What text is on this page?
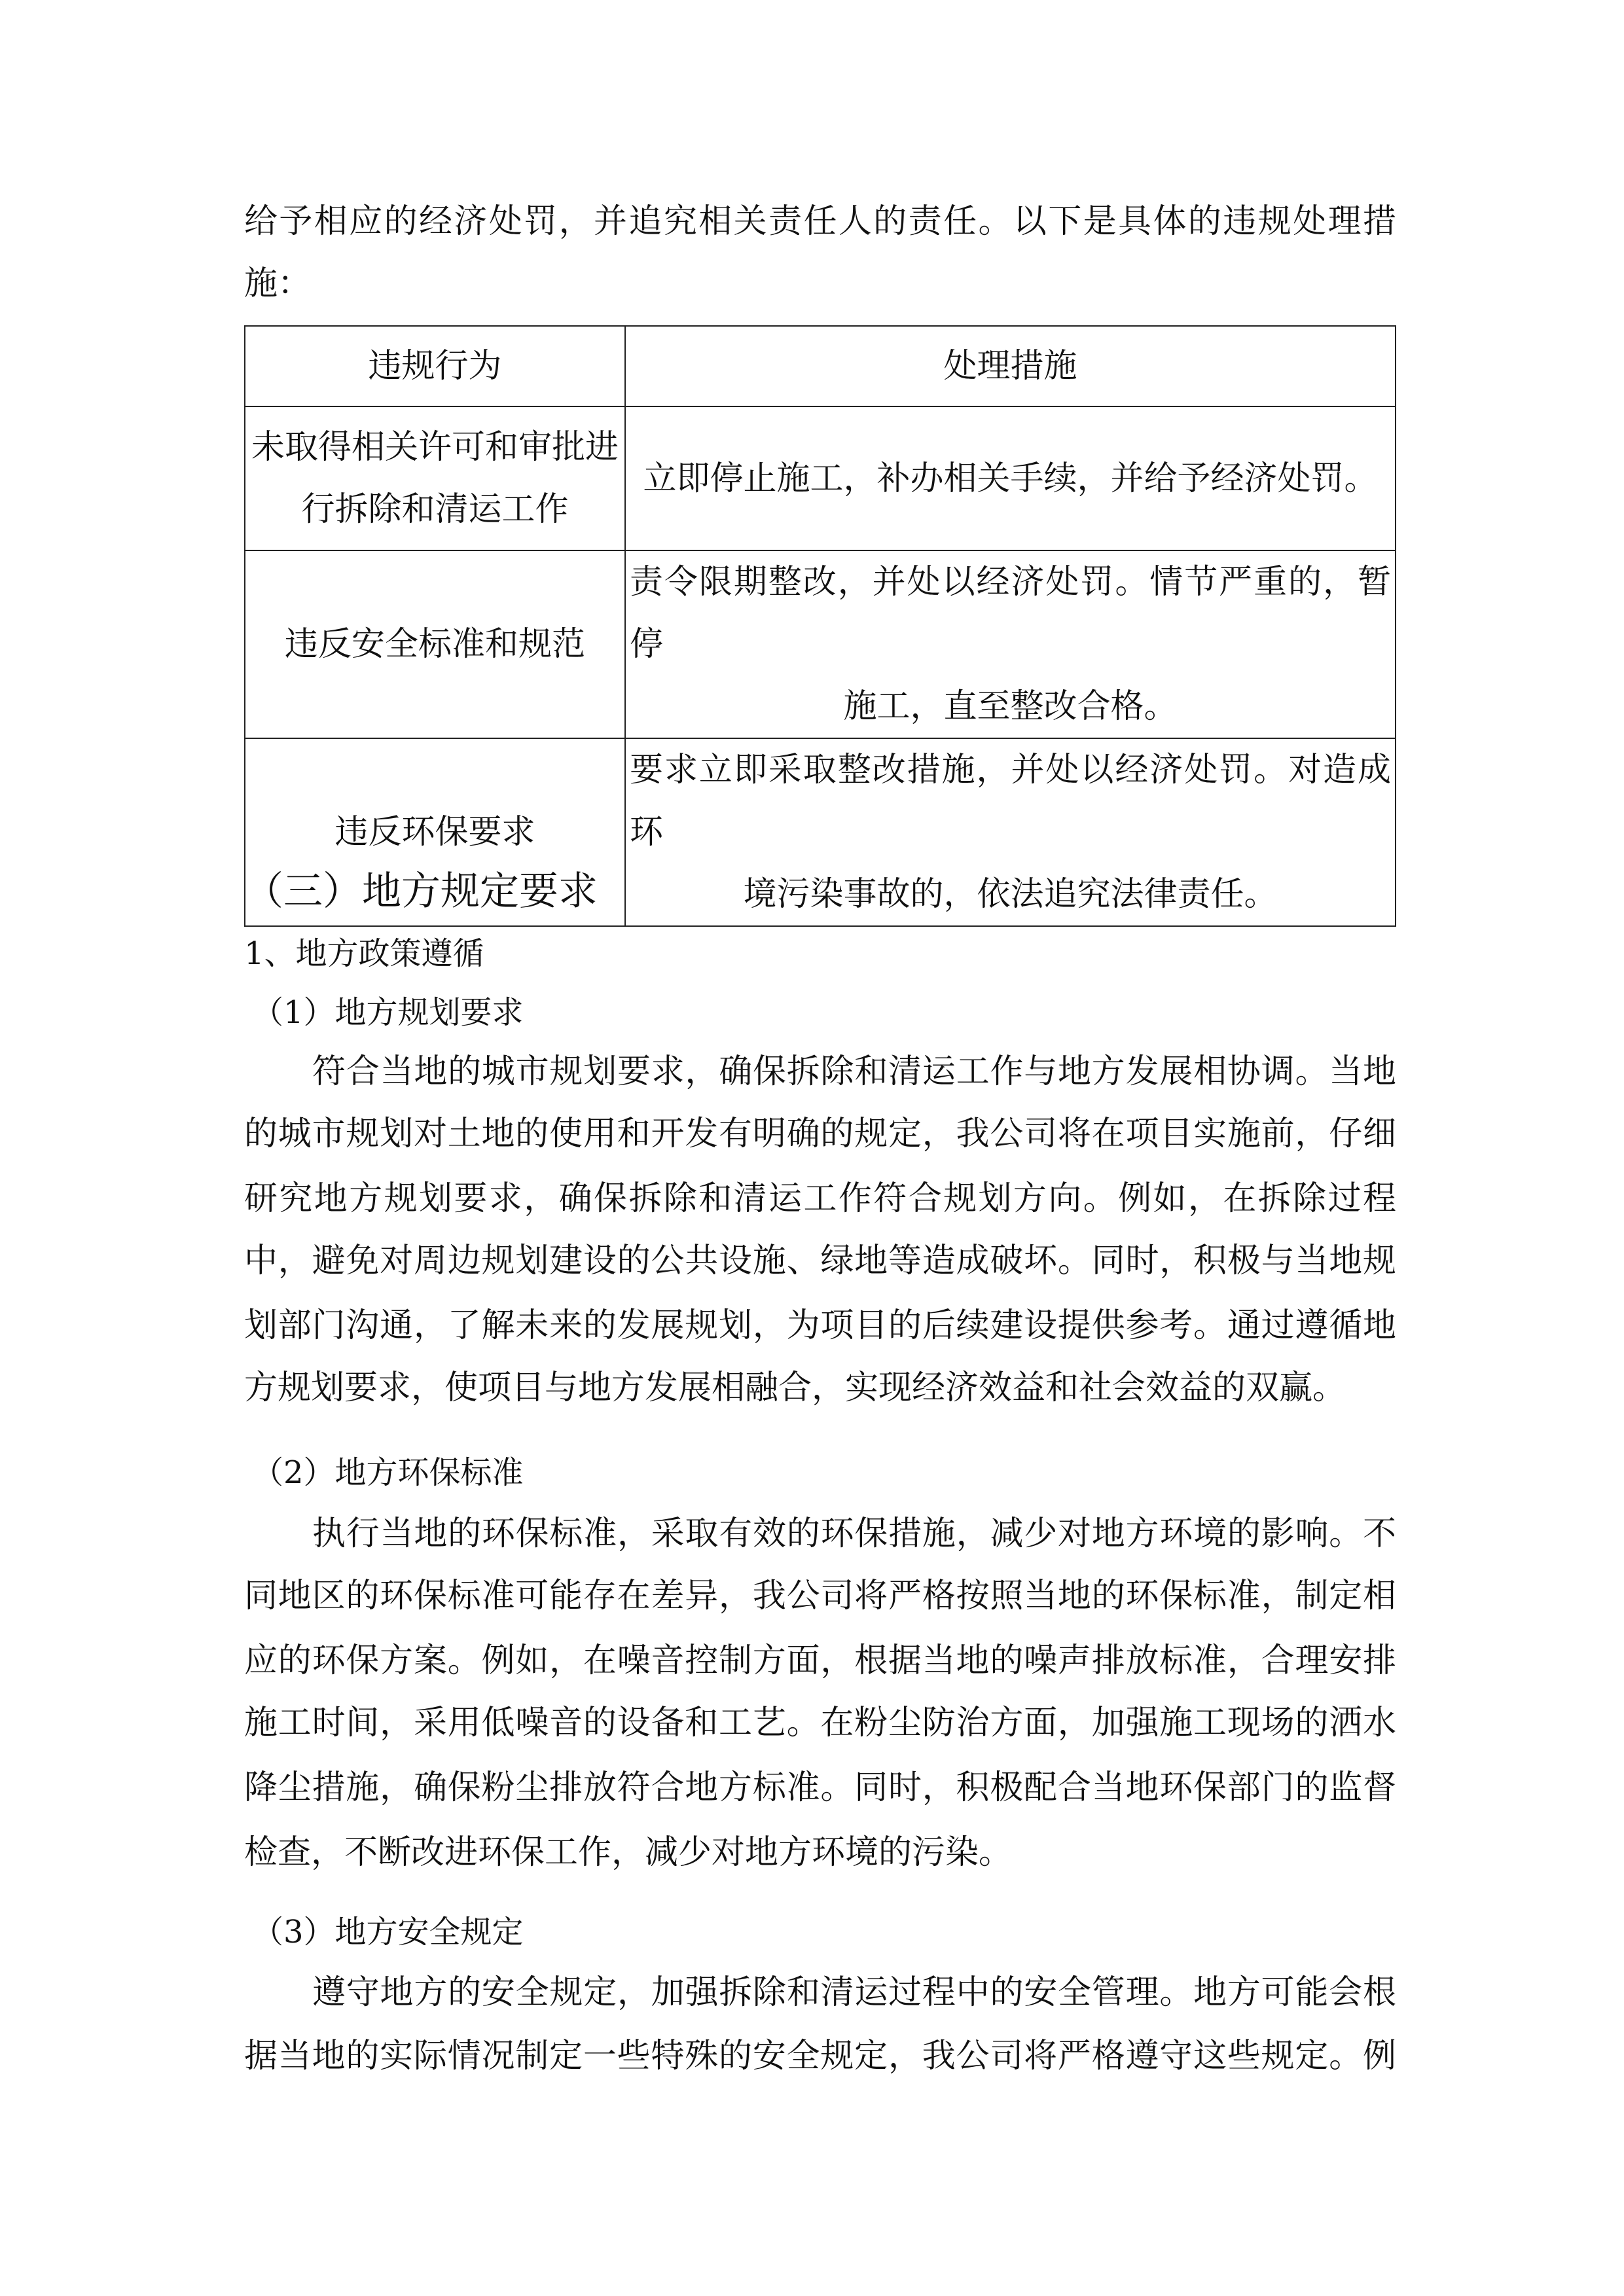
给予相应的经济处罚，并追究相关责任人的责任。以下是具体的违规处理措
施：
违规行为	处理措施

未取得相关许可和审批进
行拆除和清运工作	立即停止施工，补办相关手续，并给予经济处罚。

违反安全标准和规范	责令限期整改，并处以经济处罚。情节严重的，暂停
施工，直至整改合格。

违反环保要求	要求立即采取整改措施，并处以经济处罚。对造成环
境污染事故的，依法追究法律责任。
（三）地方规定要求
1、地方政策遵循
（1）地方规划要求
符合当地的城市规划要求，确保拆除和清运工作与地方发展相协调。当地
的城市规划对土地的使用和开发有明确的规定，我公司将在项目实施前，仔细
研究地方规划要求，确保拆除和清运工作符合规划方向。例如，在拆除过程
中，避免对周边规划建设的公共设施、绿地等造成破坏。同时，积极与当地规
划部门沟通，了解未来的发展规划，为项目的后续建设提供参考。通过遵循地
方规划要求，使项目与地方发展相融合，实现经济效益和社会效益的双赢。
（2）地方环保标准
执行当地的环保标准，采取有效的环保措施，减少对地方环境的影响。不
同地区的环保标准可能存在差异，我公司将严格按照当地的环保标准，制定相
应的环保方案。例如，在噪音控制方面，根据当地的噪声排放标准，合理安排
施工时间，采用低噪音的设备和工艺。在粉尘防治方面，加强施工现场的洒水
降尘措施，确保粉尘排放符合地方标准。同时，积极配合当地环保部门的监督
检查，不断改进环保工作，减少对地方环境的污染。
（3）地方安全规定
遵守地方的安全规定，加强拆除和清运过程中的安全管理。地方可能会根
据当地的实际情况制定一些特殊的安全规定，我公司将严格遵守这些规定。例
